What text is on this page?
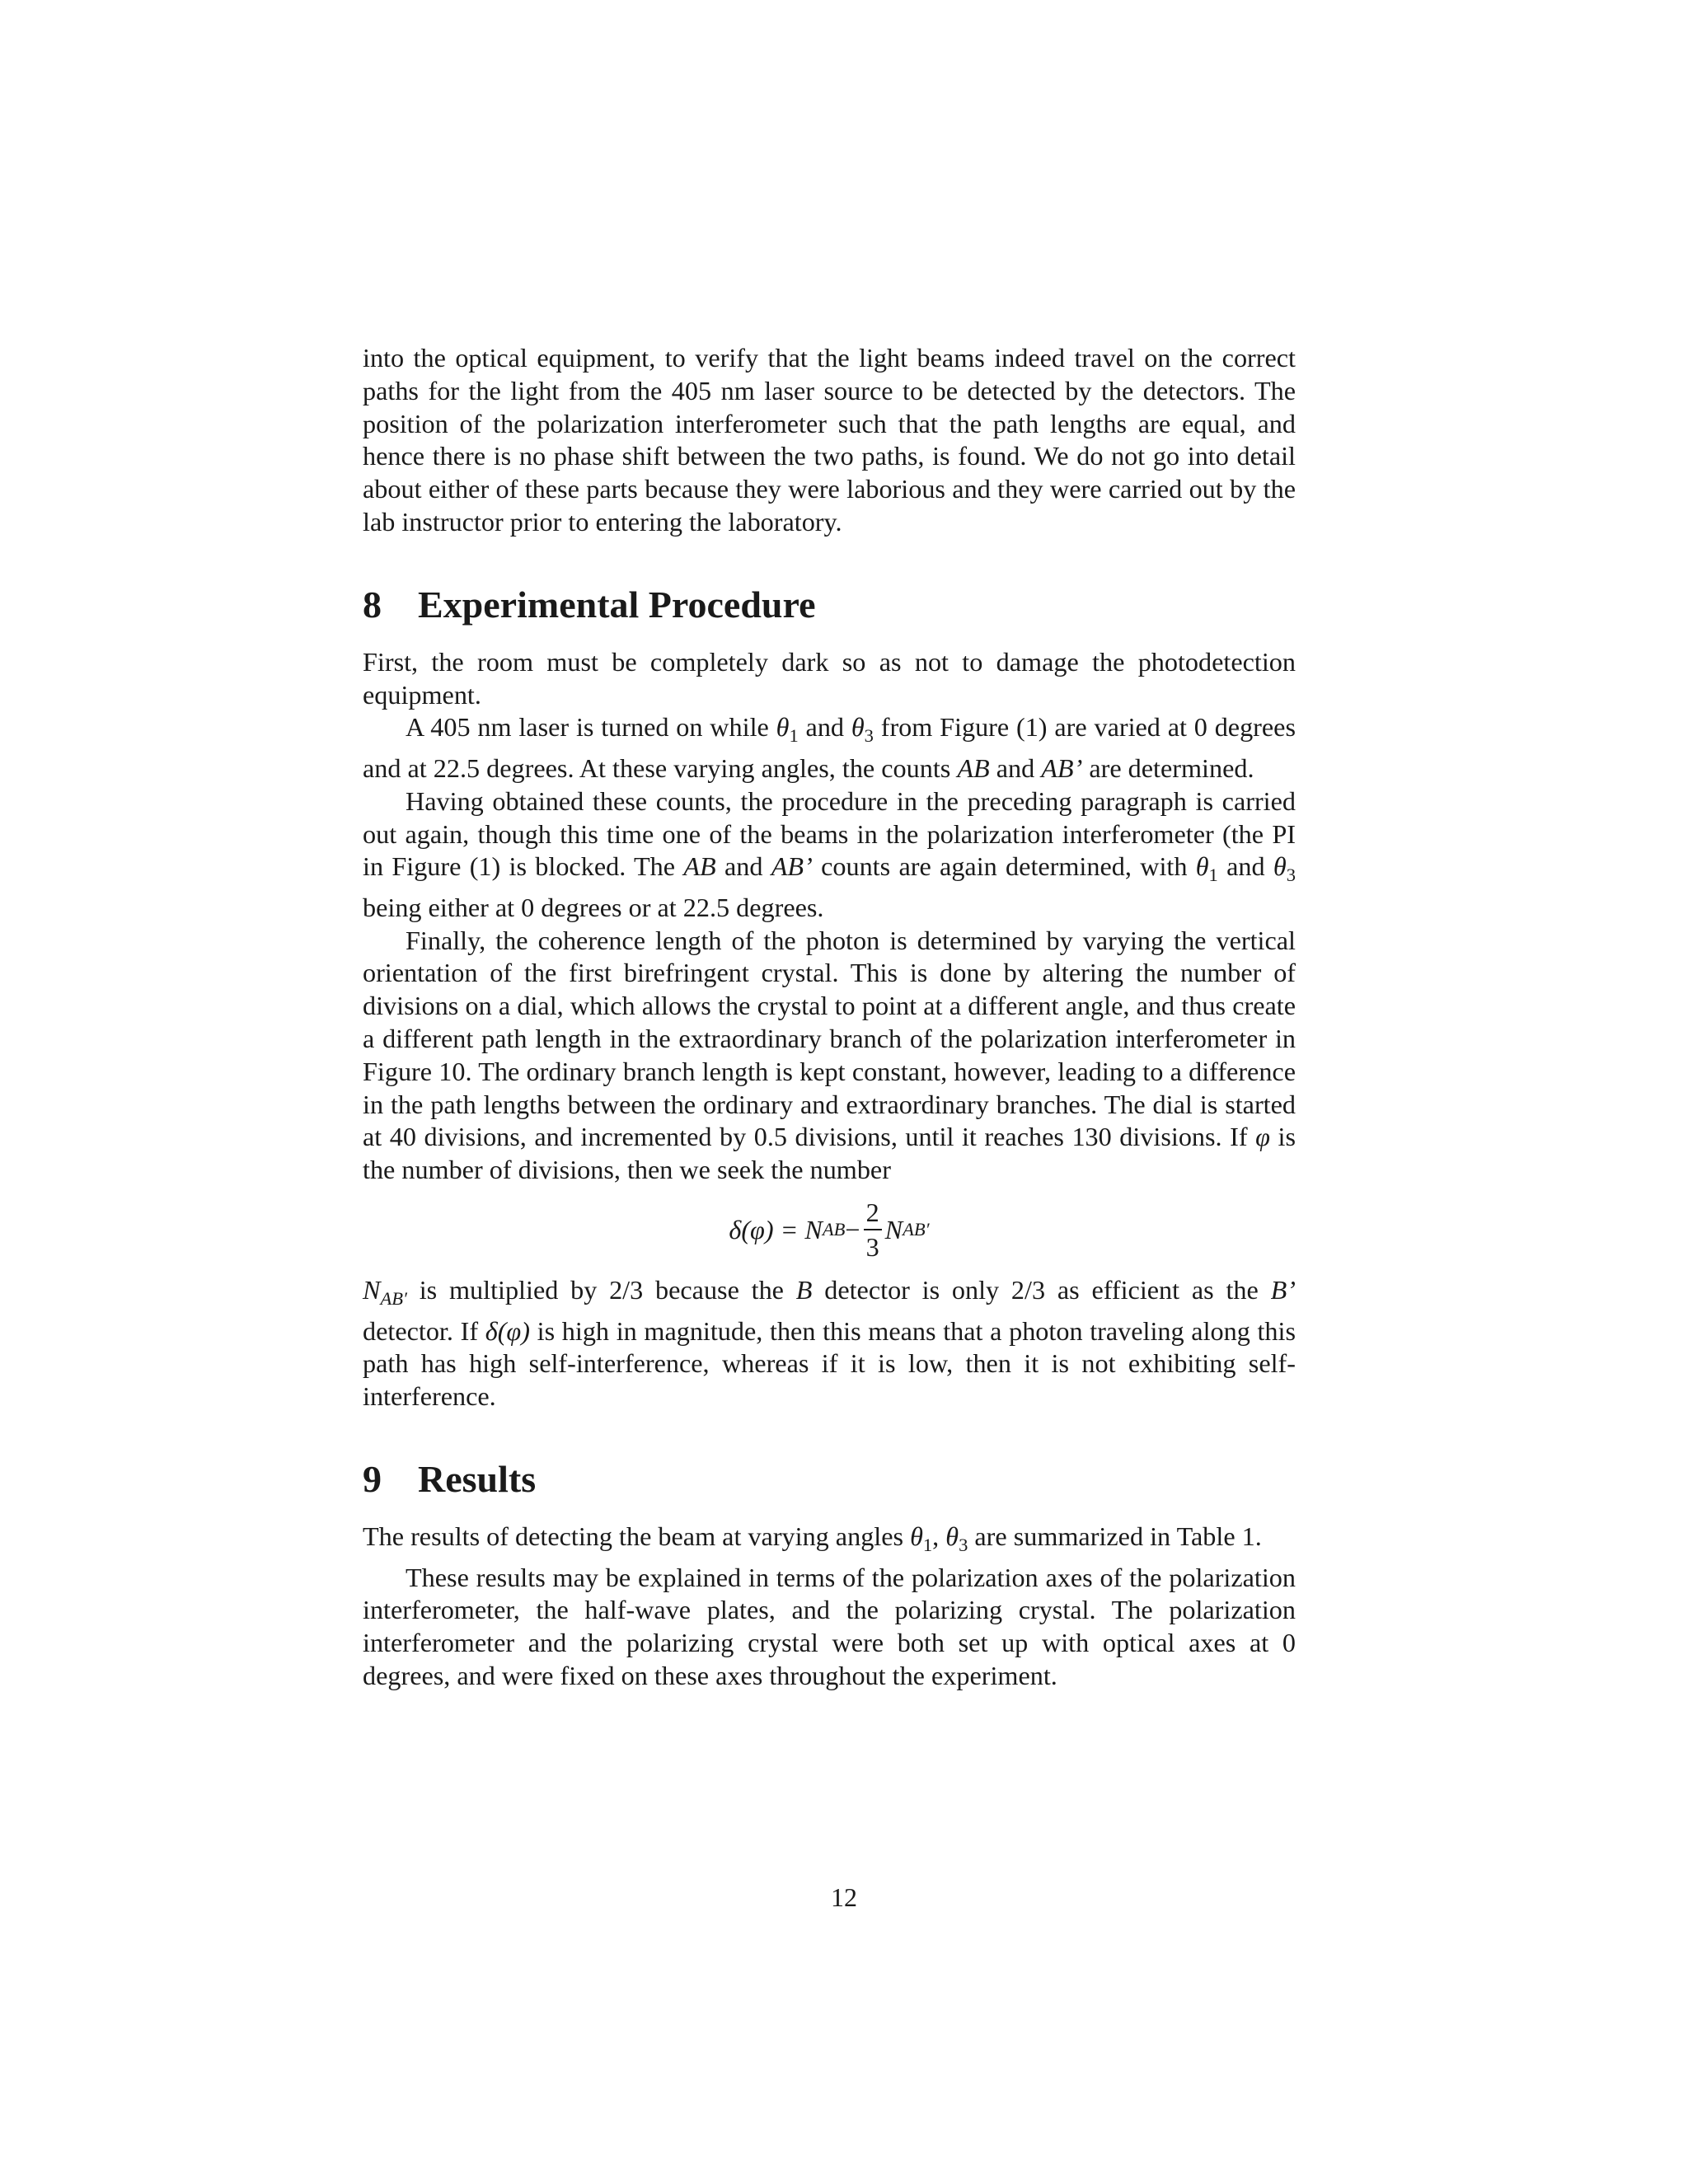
into the optical equipment, to verify that the light beams indeed travel on the correct paths for the light from the 405 nm laser source to be detected by the detectors. The position of the polarization interferometer such that the path lengths are equal, and hence there is no phase shift between the two paths, is found. We do not go into detail about either of these parts because they were laborious and they were carried out by the lab instructor prior to entering the laboratory.

8 Experimental Procedure

First, the room must be completely dark so as not to damage the photodetection equipment.

A 405 nm laser is turned on while $\theta_1$ and $\theta_3$ from Figure (1) are varied at 0 degrees and at 22.5 degrees. At these varying angles, the counts AB and AB’ are determined.

Having obtained these counts, the procedure in the preceding paragraph is carried out again, though this time one of the beams in the polarization interferometer (the PI in Figure (1) is blocked. The AB and AB’ counts are again determined, with $\theta_1$ and $\theta_3$ being either at 0 degrees or at 22.5 degrees.

Finally, the coherence length of the photon is determined by varying the vertical orientation of the first birefringent crystal. This is done by altering the number of divisions on a dial, which allows the crystal to point at a different angle, and thus create a different path length in the extraordinary branch of the polarization interferometer in Figure 10. The ordinary branch length is kept constant, however, leading to a difference in the path lengths between the ordinary and extraordinary branches. The dial is started at 40 divisions, and incremented by 0.5 divisions, until it reaches 130 divisions. If φ is the number of divisions, then we seek the number

δ(φ) = N AB − $\frac{2}{3}$ N AB′

$N_{AB'}$ is multiplied by 2/3 because the B detector is only 2/3 as efficient as the B’ detector. If δ(φ) is high in magnitude, then this means that a photon traveling along this path has high self-interference, whereas if it is low, then it is not exhibiting self-interference.

9 Results

The results of detecting the beam at varying angles $\theta_1$, $\theta_3$ are summarized in Table 1.

These results may be explained in terms of the polarization axes of the polarization interferometer, the half-wave plates, and the polarizing crystal. The polarization interferometer and the polarizing crystal were both set up with optical axes at 0 degrees, and were fixed on these axes throughout the experiment.

12
